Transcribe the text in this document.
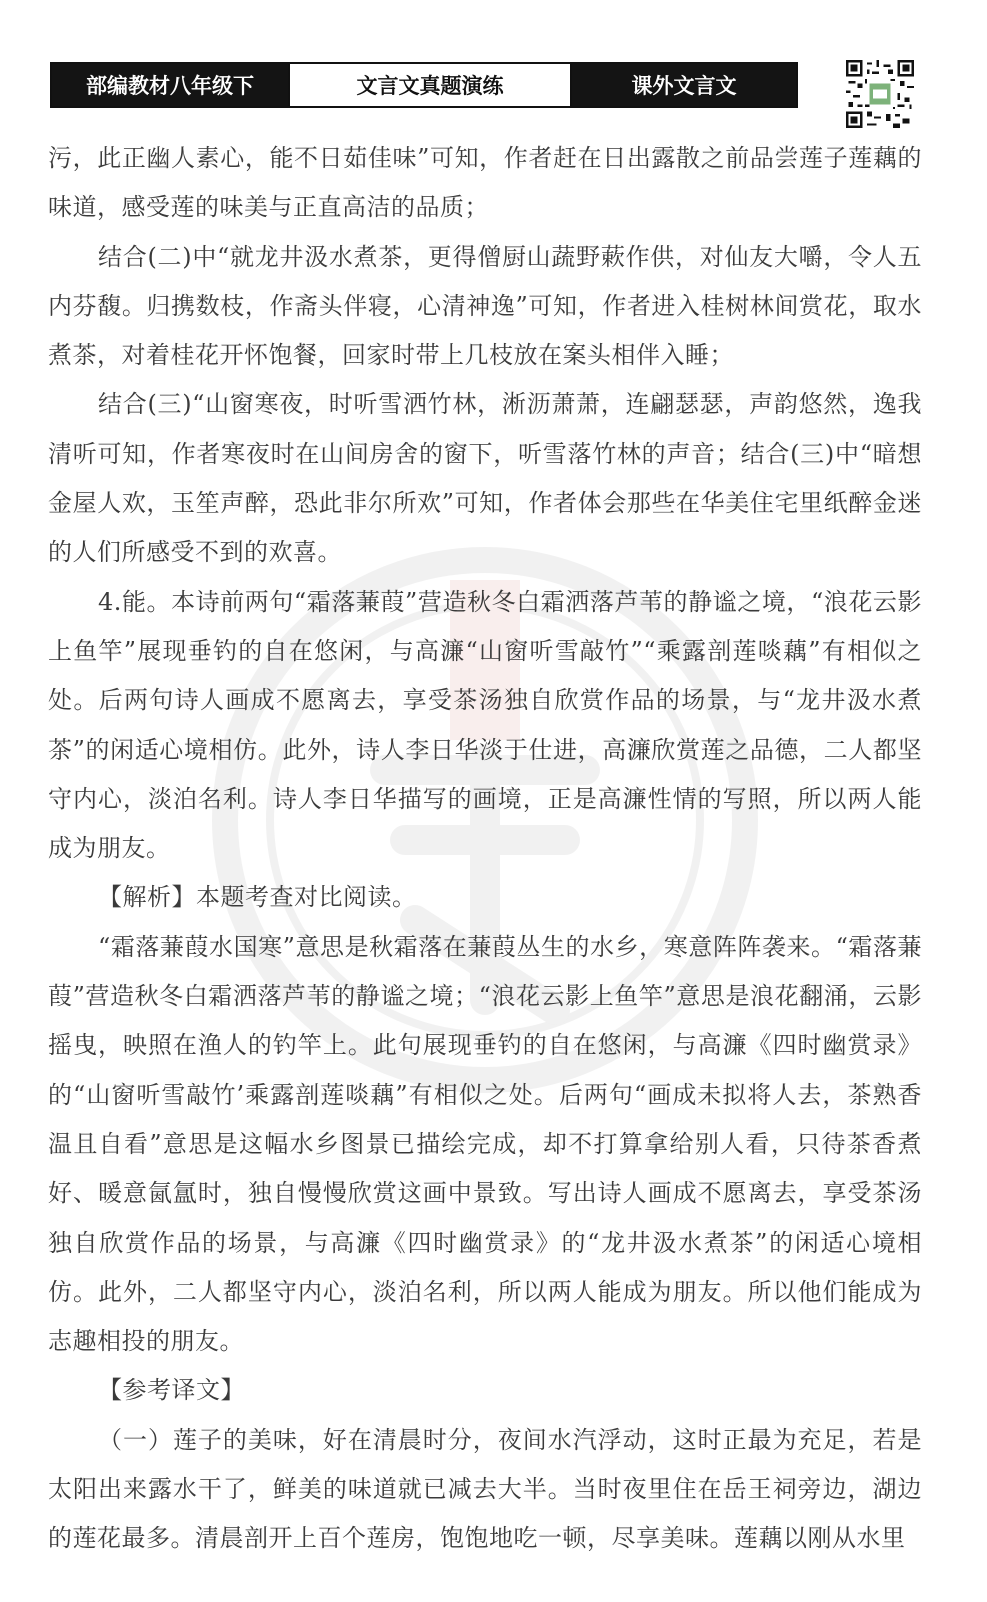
部编教材八年级下	文言文真题演练	课外文言文

污，此正幽人素心，能不日茹佳味”可知，作者赶在日出露散之前品尝莲子莲藕的味道，感受莲的味美与正直高洁的品质；

结合(二)中“就龙井汲水煮茶，更得僧厨山蔬野蔌作供，对仙友大嚼，令人五内芬馥。归携数枝，作斋头伴寝，心清神逸”可知，作者进入桂树林间赏花，取水煮茶，对着桂花开怀饱餐，回家时带上几枝放在案头相伴入睡；

结合(三)“山窗寒夜，时听雪洒竹林，淅沥萧萧，连翩瑟瑟，声韵悠然，逸我清听可知，作者寒夜时在山间房舍的窗下，听雪落竹林的声音；结合(三)中“暗想金屋人欢，玉笙声醉，恐此非尔所欢”可知，作者体会那些在华美住宅里纸醉金迷的人们所感受不到的欢喜。

4.能。本诗前两句“霜落蒹葭”营造秋冬白霜洒落芦苇的静谧之境，“浪花云影上鱼竿”展现垂钓的自在悠闲，与高濂“山窗听雪敲竹”“乘露剖莲啖藕”有相似之处。后两句诗人画成不愿离去，享受茶汤独自欣赏作品的场景，与“龙井汲水煮茶”的闲适心境相仿。此外，诗人李日华淡于仕进，高濂欣赏莲之品德，二人都坚守内心，淡泊名利。诗人李日华描写的画境，正是高濂性情的写照，所以两人能成为朋友。

【解析】本题考查对比阅读。

“霜落蒹葭水国寒”意思是秋霜落在蒹葭丛生的水乡，寒意阵阵袭来。“霜落蒹葭”营造秋冬白霜洒落芦苇的静谧之境；“浪花云影上鱼竿”意思是浪花翻涌，云影摇曳，映照在渔人的钓竿上。此句展现垂钓的自在悠闲，与高濂《四时幽赏录》的“山窗听雪敲竹’乘露剖莲啖藕”有相似之处。后两句“画成未拟将人去，茶熟香温且自看”意思是这幅水乡图景已描绘完成，却不打算拿给别人看，只待茶香煮好、暖意氤氲时，独自慢慢欣赏这画中景致。写出诗人画成不愿离去，享受茶汤独自欣赏作品的场景，与高濂《四时幽赏录》的“龙井汲水煮茶”的闲适心境相仿。此外，二人都坚守内心，淡泊名利，所以两人能成为朋友。所以他们能成为志趣相投的朋友。

【参考译文】

（一）莲子的美味，好在清晨时分，夜间水汽浮动，这时正最为充足，若是太阳出来露水干了，鲜美的味道就已减去大半。当时夜里住在岳王祠旁边，湖边的莲花最多。清晨剖开上百个莲房，饱饱地吃一顿，尽享美味。莲藕以刚从水里
